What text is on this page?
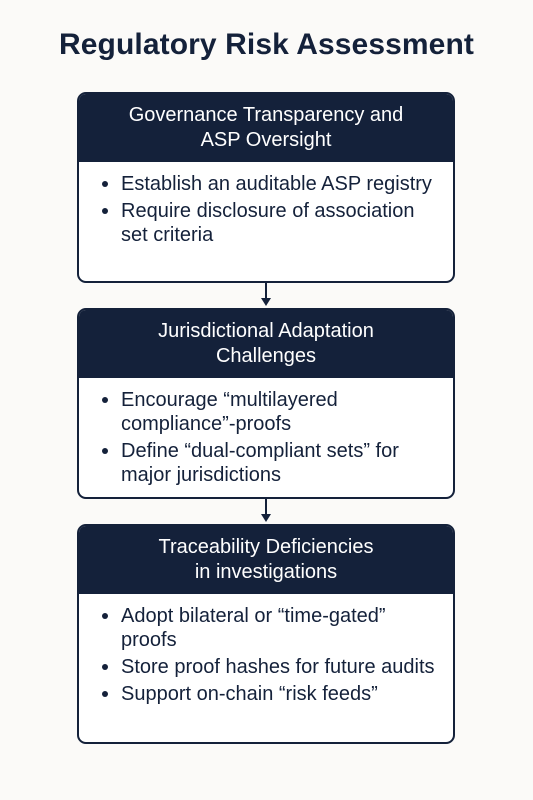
Regulatory Risk Assessment
Governance Transparency and
ASP Oversight
Establish an auditable ASP registry
Require disclosure of association set criteria
Jurisdictional Adaptation
Challenges
Encourage “multilayered compliance”-proofs
Define “dual-compliant sets” for major jurisdictions
Traceability Deficiencies
in investigations
Adopt bilateral or “time-gated” proofs
Store proof hashes for future audits
Support on-chain “risk feeds”
